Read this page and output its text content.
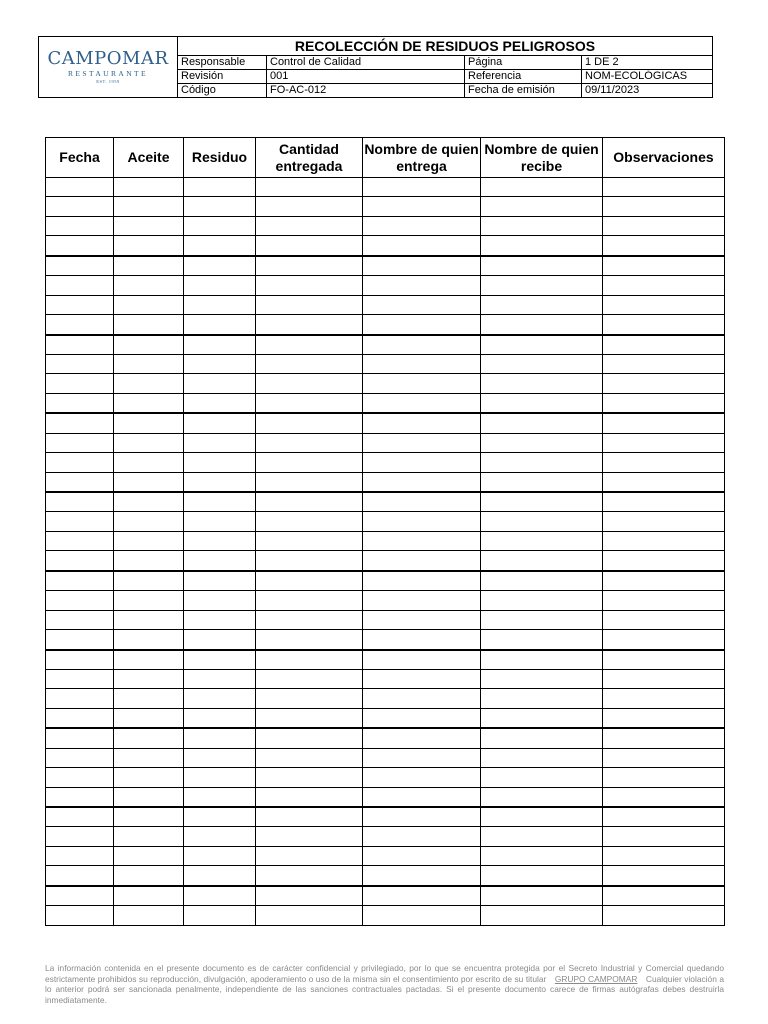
CAMPOMAR
RESTAURANTE
EST. 1959
RECOLECCIÓN DE RESIDUOS PELIGROSOS
Responsable	Control de Calidad	Página	1 DE 2
Revisión	001	Referencia	NOM-ECOLÓGICAS
Código	FO-AC-012	Fecha de emisión	09/11/2023
Fecha	Aceite	Residuo	Cantidad entregada	Nombre de quien entrega	Nombre de quien recibe	Observaciones

La información contenida en el presente documento es de carácter confidencial y privilegiado, por lo que se encuentra protegida por el Secreto Industrial y Comercial quedando estrictamente prohibidos su reproducción, divulgación, apoderamiento o uso de la misma sin el consentimiento por escrito de su titular GRUPO CAMPOMAR Cualquier violación a lo anterior podrá ser sancionada penalmente, independiente de las sanciones contractuales pactadas. Si el presente documento carece de firmas autógrafas debes destruirla inmediatamente.
